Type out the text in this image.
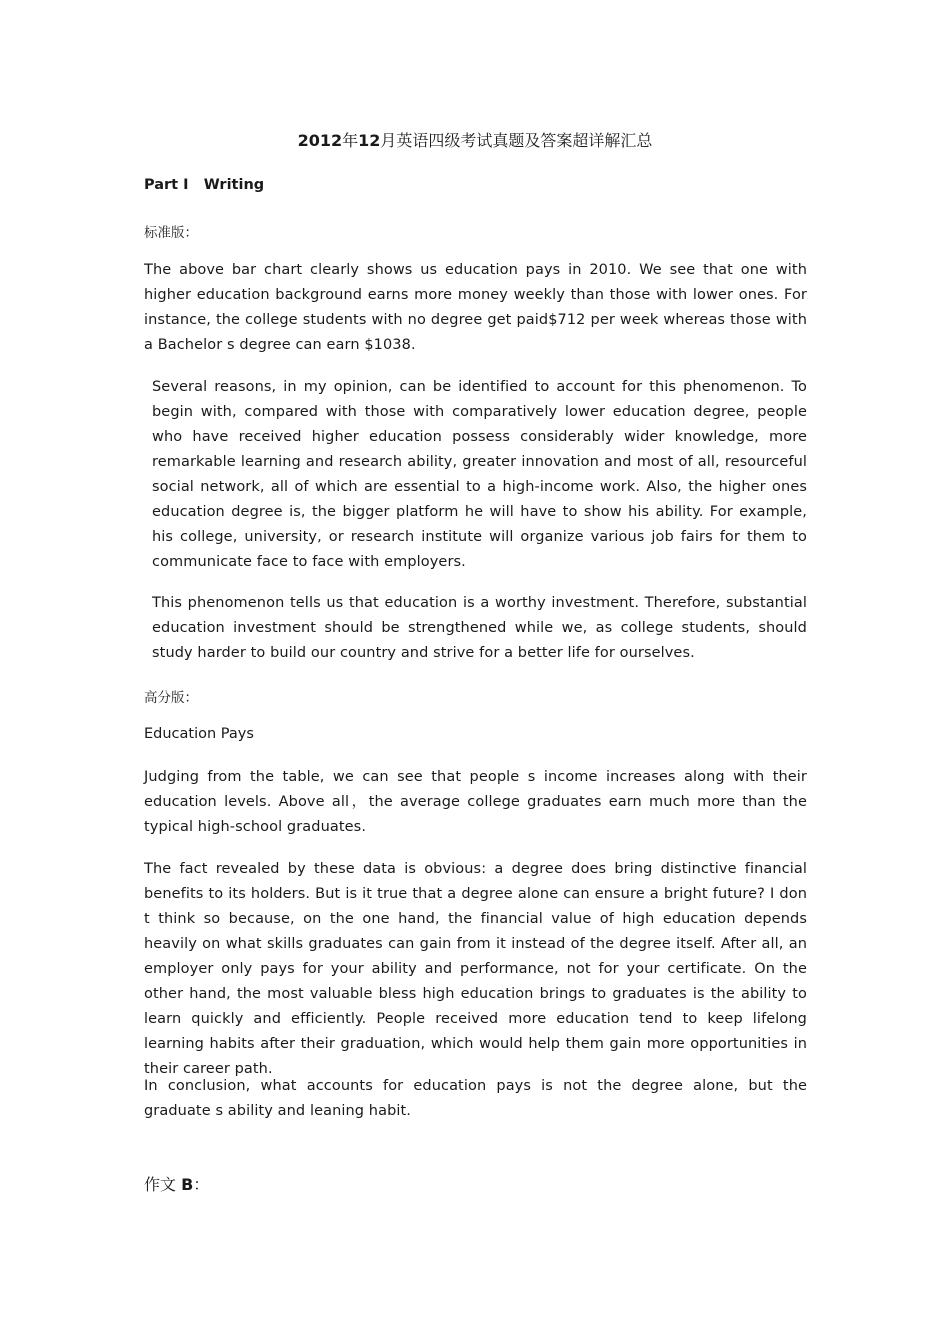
2012年12月英语四级考试真题及答案超详解汇总
Part I   Writing
标准版：

The above bar chart clearly shows us education pays in 2010. We see that one with higher education background earns more money weekly than those with lower ones. For instance, the college students with no degree get paid$712 per week whereas those with a Bachelor s degree can earn $1038.

Several reasons, in my opinion, can be identified to account for this phenomenon. To begin with, compared with those with comparatively lower education degree, people who have received higher education possess considerably wider knowledge, more remarkable learning and research ability, greater innovation and most of all, resourceful social network, all of which are essential to a high-income work. Also, the higher ones education degree is, the bigger platform he will have to show his ability. For example, his college, university, or research institute will organize various job fairs for them to communicate face to face with employers.

This phenomenon tells us that education is a worthy investment. Therefore, substantial education investment should be strengthened while we, as college students, should study harder to build our country and strive for a better life for ourselves.

高分版：
Education Pays

Judging from the table, we can see that people s income increases along with their education levels. Above all，the average college graduates earn much more than the typical high-school graduates.

The fact revealed by these data is obvious: a degree does bring distinctive financial benefits to its holders. But is it true that a degree alone can ensure a bright future? I don t think so because, on the one hand, the financial value of high education depends heavily on what skills graduates can gain from it instead of the degree itself. After all, an employer only pays for your ability and performance, not for your certificate. On the other hand, the most valuable bless high education brings to graduates is the ability to learn quickly and efficiently. People received more education tend to keep lifelong learning habits after their graduation, which would help them gain more opportunities in their career path.

In conclusion, what accounts for education pays is not the degree alone, but the graduate s ability and leaning habit.

作文 B：
